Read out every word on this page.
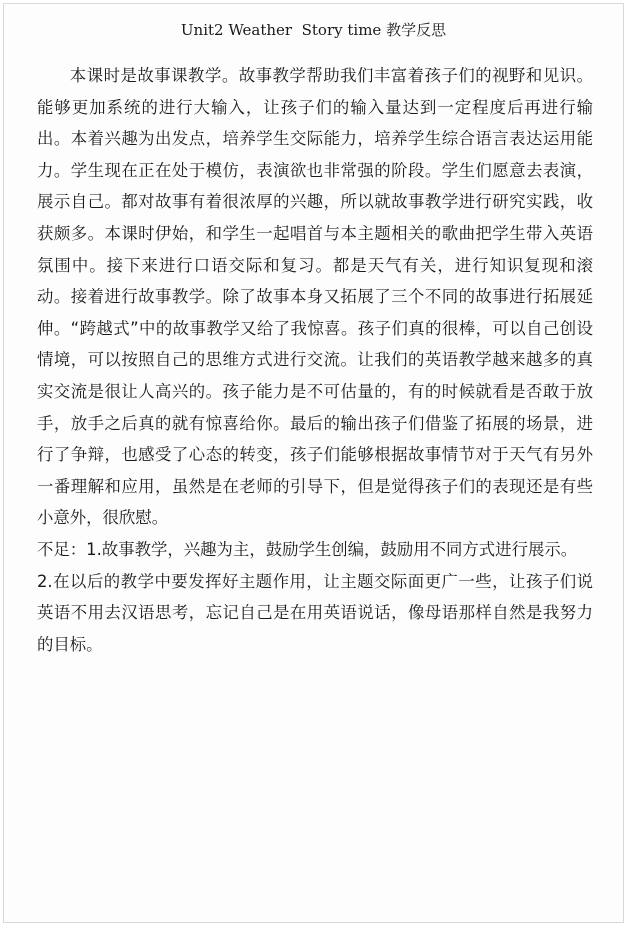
Unit2 Weather  Story time 教学反思

本课时是故事课教学。故事教学帮助我们丰富着孩子们的视野和见识。能够更加系统的进行大输入，让孩子们的输入量达到一定程度后再进行输出。本着兴趣为出发点，培养学生交际能力，培养学生综合语言表达运用能力。学生现在正在处于模仿，表演欲也非常强的阶段。学生们愿意去表演，展示自己。都对故事有着很浓厚的兴趣，所以就故事教学进行研究实践，收获颇多。本课时伊始，和学生一起唱首与本主题相关的歌曲把学生带入英语氛围中。接下来进行口语交际和复习。都是天气有关，进行知识复现和滚动。接着进行故事教学。除了故事本身又拓展了三个不同的故事进行拓展延伸。“跨越式”中的故事教学又给了我惊喜。孩子们真的很棒，可以自己创设情境，可以按照自己的思维方式进行交流。让我们的英语教学越来越多的真实交流是很让人高兴的。孩子能力是不可估量的，有的时候就看是否敢于放手，放手之后真的就有惊喜给你。最后的输出孩子们借鉴了拓展的场景，进行了争辩，也感受了心态的转变，孩子们能够根据故事情节对于天气有另外一番理解和应用，虽然是在老师的引导下，但是觉得孩子们的表现还是有些小意外，很欣慰。

不足：1.故事教学，兴趣为主，鼓励学生创编，鼓励用不同方式进行展示。

2.在以后的教学中要发挥好主题作用，让主题交际面更广一些，让孩子们说英语不用去汉语思考，忘记自己是在用英语说话，像母语那样自然是我努力的目标。
